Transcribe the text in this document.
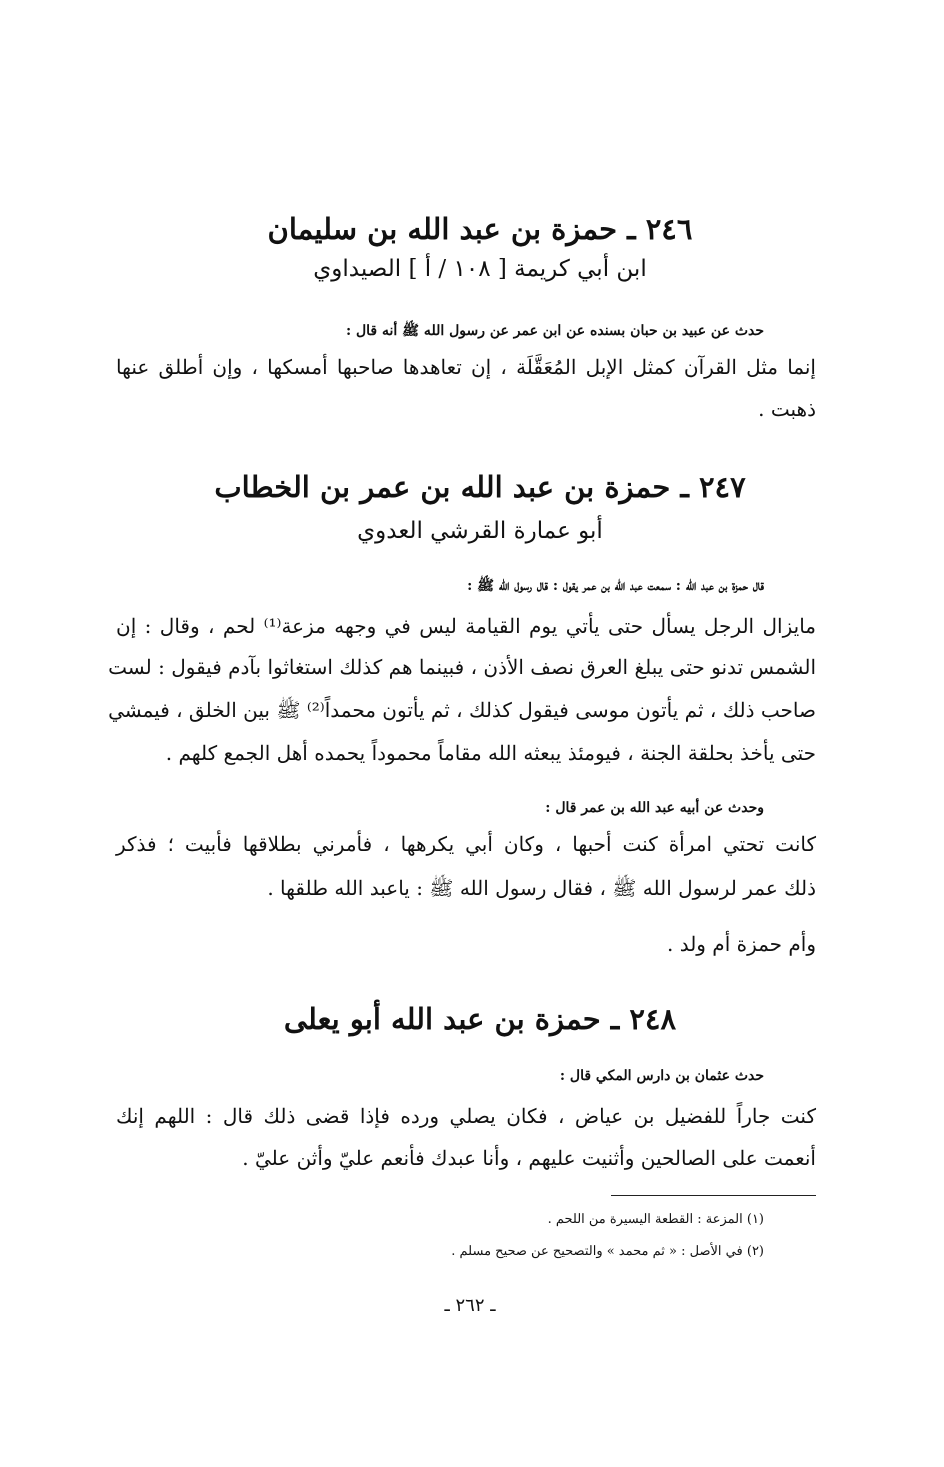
٢٤٦ ـ حمزة بن عبد الله بن سليمان
ابن أبي كريمة [ ١٠٨ / أ ] الصيداوي
حدث عن عبيد بن حبان بسنده عن ابن عمر عن رسول الله ﷺ أنه قال :
إنما مثل القرآن كمثل الإبل المُعَقَّلَة ، إن تعاهدها صاحبها أمسكها ، وإن أطلق عنها
ذهبت .
٢٤٧ ـ حمزة بن عبد الله بن عمر بن الخطاب
أبو عمارة القرشي العدوي
قال حمزة بن عبد الله : سمعت عبد الله بن عمر يقول : قال رسول الله ﷺ :
مايزال الرجل يسأل حتى يأتي يوم القيامة ليس في وجهه مزعة⁽¹⁾ لحم ، وقال : إن
الشمس تدنو حتى يبلغ العرق نصف الأذن ، فبينما هم كذلك استغاثوا بآدم فيقول : لست
صاحب ذلك ، ثم يأتون موسى فيقول كذلك ، ثم يأتون محمداً⁽²⁾ ﷺ بين الخلق ، فيمشي
حتى يأخذ بحلقة الجنة ، فيومئذ يبعثه الله مقاماً محموداً يحمده أهل الجمع كلهم .
وحدث عن أبيه عبد الله بن عمر قال :
كانت تحتي امرأة كنت أحبها ، وكان أبي يكرهها ، فأمرني بطلاقها فأبيت ؛ فذكر
ذلك عمر لرسول الله ﷺ ، فقال رسول الله ﷺ : ياعبد الله طلقها .
وأم حمزة أم ولد .
٢٤٨ ـ حمزة بن عبد الله أبو يعلى
حدث عثمان بن دارس المكي قال :
كنت جاراً للفضيل بن عياض ، فكان يصلي ورده فإذا قضى ذلك قال : اللهم إنك
أنعمت على الصالحين وأثنيت عليهم ، وأنا عبدك فأنعم عليّ وأثن عليّ .
(١) المزعة : القطعة اليسيرة من اللحم .
(٢) في الأصل : « ثم محمد » والتصحيح عن صحيح مسلم .
ـ ٢٦٢ ـ
